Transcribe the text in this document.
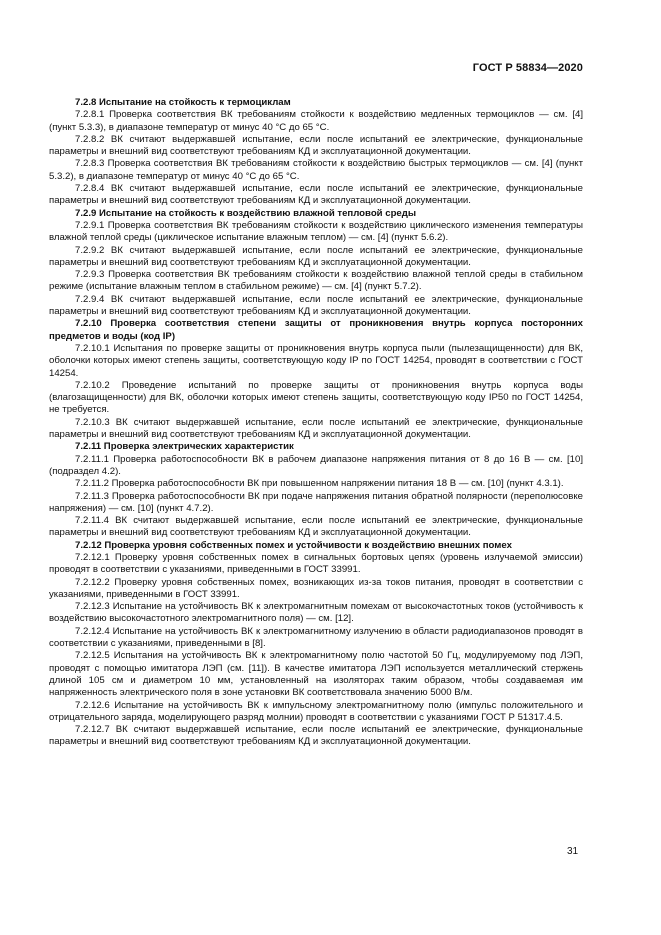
ГОСТ Р 58834—2020

7.2.8 Испытание на стойкость к термоциклам

7.2.8.1 Проверка соответствия ВК требованиям стойкости к воздействию медленных термоциклов — см. [4] (пункт 5.3.3), в диапазоне температур от минус 40 °С до 65 °С.

7.2.8.2 ВК считают выдержавшей испытание, если после испытаний ее электрические, функциональные параметры и внешний вид соответствуют требованиям КД и эксплуатационной документации.

7.2.8.3 Проверка соответствия ВК требованиям стойкости к воздействию быстрых термоциклов — см. [4] (пункт 5.3.2), в диапазоне температур от минус 40 °С до 65 °С.

7.2.8.4 ВК считают выдержавшей испытание, если после испытаний ее электрические, функциональные параметры и внешний вид соответствуют требованиям КД и эксплуатационной документации.

7.2.9 Испытание на стойкость к воздействию влажной тепловой среды

7.2.9.1 Проверка соответствия ВК требованиям стойкости к воздействию циклического изменения температуры влажной теплой среды (циклическое испытание влажным теплом) — см. [4] (пункт 5.6.2).

7.2.9.2 ВК считают выдержавшей испытание, если после испытаний ее электрические, функциональные параметры и внешний вид соответствуют требованиям КД и эксплуатационной документации.

7.2.9.3 Проверка соответствия ВК требованиям стойкости к воздействию влажной теплой среды в стабильном режиме (испытание влажным теплом в стабильном режиме) — см. [4] (пункт 5.7.2).

7.2.9.4 ВК считают выдержавшей испытание, если после испытаний ее электрические, функциональные параметры и внешний вид соответствуют требованиям КД и эксплуатационной документации.

7.2.10 Проверка соответствия степени защиты от проникновения внутрь корпуса посторонних предметов и воды (код IP)

7.2.10.1 Испытания по проверке защиты от проникновения внутрь корпуса пыли (пылезащищенности) для ВК, оболочки которых имеют степень защиты, соответствующую коду IP по ГОСТ 14254, проводят в соответствии с ГОСТ 14254.

7.2.10.2 Проведение испытаний по проверке защиты от проникновения внутрь корпуса воды (влагозащищенности) для ВК, оболочки которых имеют степень защиты, соответствующую коду IP50 по ГОСТ 14254, не требуется.

7.2.10.3 ВК считают выдержавшей испытание, если после испытаний ее электрические, функциональные параметры и внешний вид соответствуют требованиям КД и эксплуатационной документации.

7.2.11 Проверка электрических характеристик

7.2.11.1 Проверка работоспособности ВК в рабочем диапазоне напряжения питания от 8 до 16 В — см. [10] (подраздел 4.2).

7.2.11.2 Проверка работоспособности ВК при повышенном напряжении питания 18 В — см. [10] (пункт 4.3.1).

7.2.11.3 Проверка работоспособности ВК при подаче напряжения питания обратной полярности (переполюсовке напряжения) — см. [10] (пункт 4.7.2).

7.2.11.4 ВК считают выдержавшей испытание, если после испытаний ее электрические, функциональные параметры и внешний вид соответствуют требованиям КД и эксплуатационной документации.

7.2.12 Проверка уровня собственных помех и устойчивости к воздействию внешних помех

7.2.12.1 Проверку уровня собственных помех в сигнальных бортовых цепях (уровень излучаемой эмиссии) проводят в соответствии с указаниями, приведенными в ГОСТ 33991.

7.2.12.2 Проверку уровня собственных помех, возникающих из-за токов питания, проводят в соответствии с указаниями, приведенными в ГОСТ 33991.

7.2.12.3 Испытание на устойчивость ВК к электромагнитным помехам от высокочастотных токов (устойчивость к воздействию высокочастотного электромагнитного поля) — см. [12].

7.2.12.4 Испытание на устойчивость ВК к электромагнитному излучению в области радиодиапазонов проводят в соответствии с указаниями, приведенными в [8].

7.2.12.5 Испытания на устойчивость ВК к электромагнитному полю частотой 50 Гц, модулируемому под ЛЭП, проводят с помощью имитатора ЛЭП (см. [11]). В качестве имитатора ЛЭП используется металлический стержень длиной 105 см и диаметром 10 мм, установленный на изоляторах таким образом, чтобы создаваемая им напряженность электрического поля в зоне установки ВК соответствовала значению 5000 В/м.

7.2.12.6 Испытание на устойчивость ВК к импульсному электромагнитному полю (импульс положительного и отрицательного заряда, моделирующего разряд молнии) проводят в соответствии с указаниями ГОСТ Р 51317.4.5.

7.2.12.7 ВК считают выдержавшей испытание, если после испытаний ее электрические, функциональные параметры и внешний вид соответствуют требованиям КД и эксплуатационной документации.

31
